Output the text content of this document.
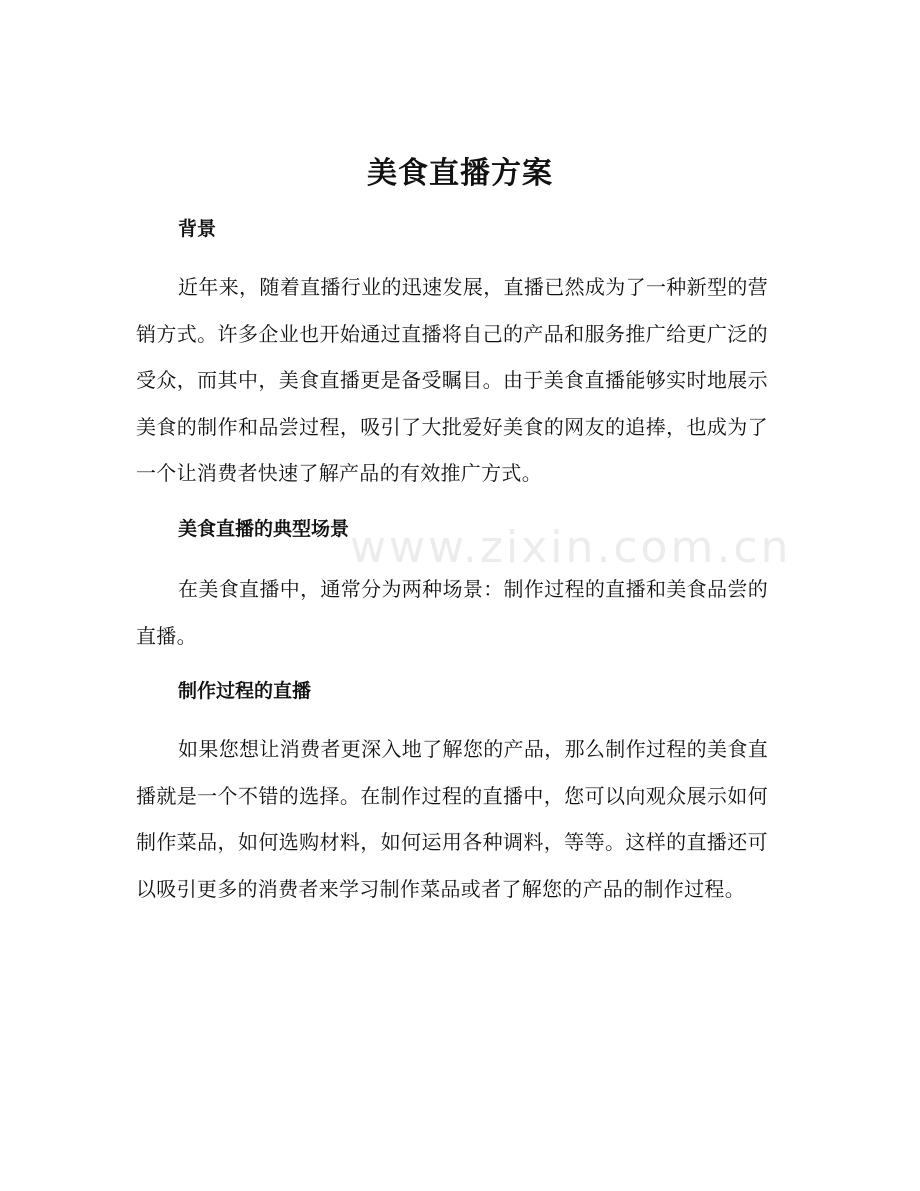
www.zixin.com.cn
美食直播方案
背景
近年来，随着直播行业的迅速发展，直播已然成为了一种新型的营销方式。许多企业也开始通过直播将自己的产品和服务推广给更广泛的受众，而其中，美食直播更是备受瞩目。由于美食直播能够实时地展示美食的制作和品尝过程，吸引了大批爱好美食的网友的追捧，也成为了一个让消费者快速了解产品的有效推广方式。
美食直播的典型场景
在美食直播中，通常分为两种场景：制作过程的直播和美食品尝的直播。
制作过程的直播
如果您想让消费者更深入地了解您的产品，那么制作过程的美食直播就是一个不错的选择。在制作过程的直播中，您可以向观众展示如何制作菜品，如何选购材料，如何运用各种调料，等等。这样的直播还可以吸引更多的消费者来学习制作菜品或者了解您的产品的制作过程。
